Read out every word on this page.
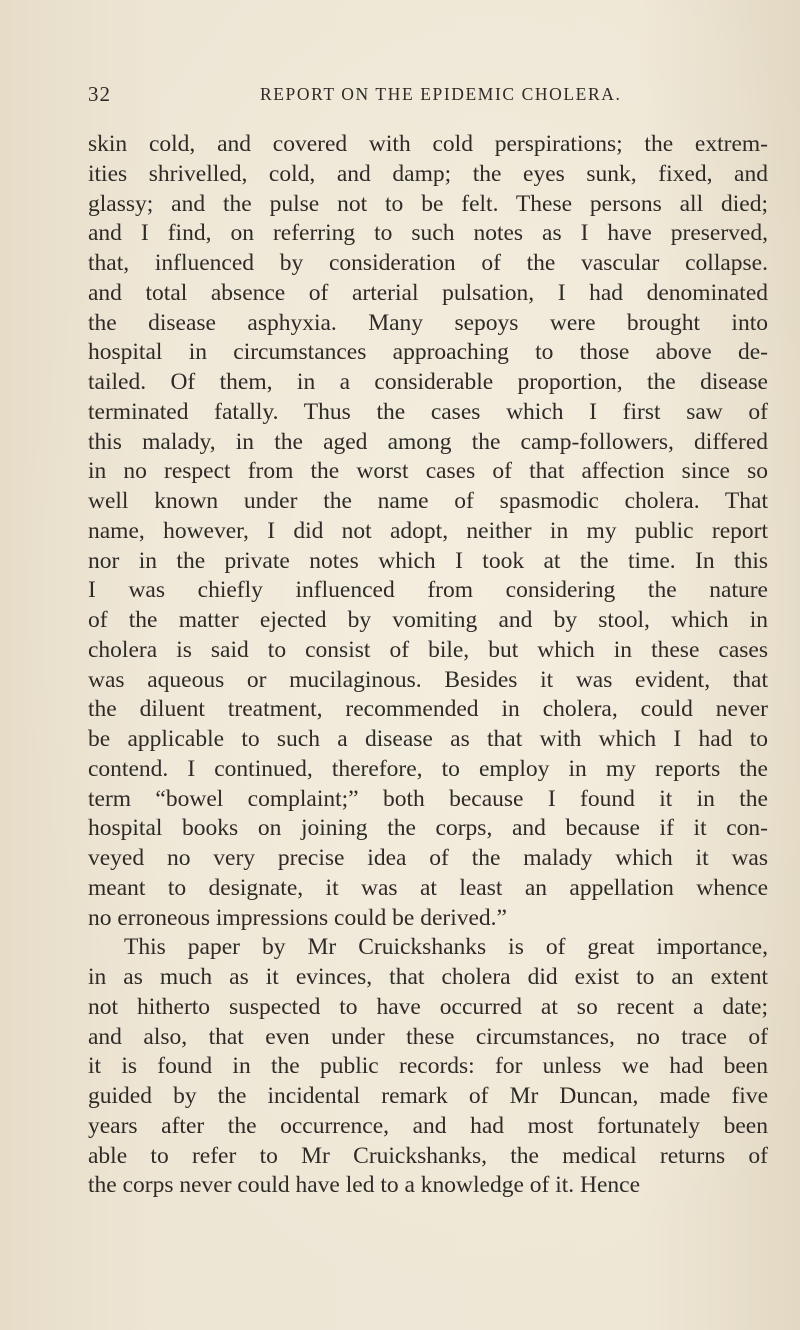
32	REPORT ON THE EPIDEMIC CHOLERA.
skin cold, and covered with cold perspirations; the extrem-
ities shrivelled, cold, and damp; the eyes sunk, fixed, and
glassy; and the pulse not to be felt. These persons all died;
and I find, on referring to such notes as I have preserved,
that, influenced by consideration of the vascular collapse.
and total absence of arterial pulsation, I had denominated
the disease asphyxia. Many sepoys were brought into
hospital in circumstances approaching to those above de-
tailed. Of them, in a considerable proportion, the disease
terminated fatally. Thus the cases which I first saw of
this malady, in the aged among the camp-followers, differed
in no respect from the worst cases of that affection since so
well known under the name of spasmodic cholera. That
name, however, I did not adopt, neither in my public report
nor in the private notes which I took at the time. In this
I was chiefly influenced from considering the nature
of the matter ejected by vomiting and by stool, which in
cholera is said to consist of bile, but which in these cases
was aqueous or mucilaginous. Besides it was evident, that
the diluent treatment, recommended in cholera, could never
be applicable to such a disease as that with which I had to
contend. I continued, therefore, to employ in my reports the
term “bowel complaint;” both because I found it in the
hospital books on joining the corps, and because if it con-
veyed no very precise idea of the malady which it was
meant to designate, it was at least an appellation whence
no erroneous impressions could be derived.”
This paper by Mr Cruickshanks is of great importance,
in as much as it evinces, that cholera did exist to an extent
not hitherto suspected to have occurred at so recent a date;
and also, that even under these circumstances, no trace of
it is found in the public records: for unless we had been
guided by the incidental remark of Mr Duncan, made five
years after the occurrence, and had most fortunately been
able to refer to Mr Cruickshanks, the medical returns of
the corps never could have led to a knowledge of it. Hence
